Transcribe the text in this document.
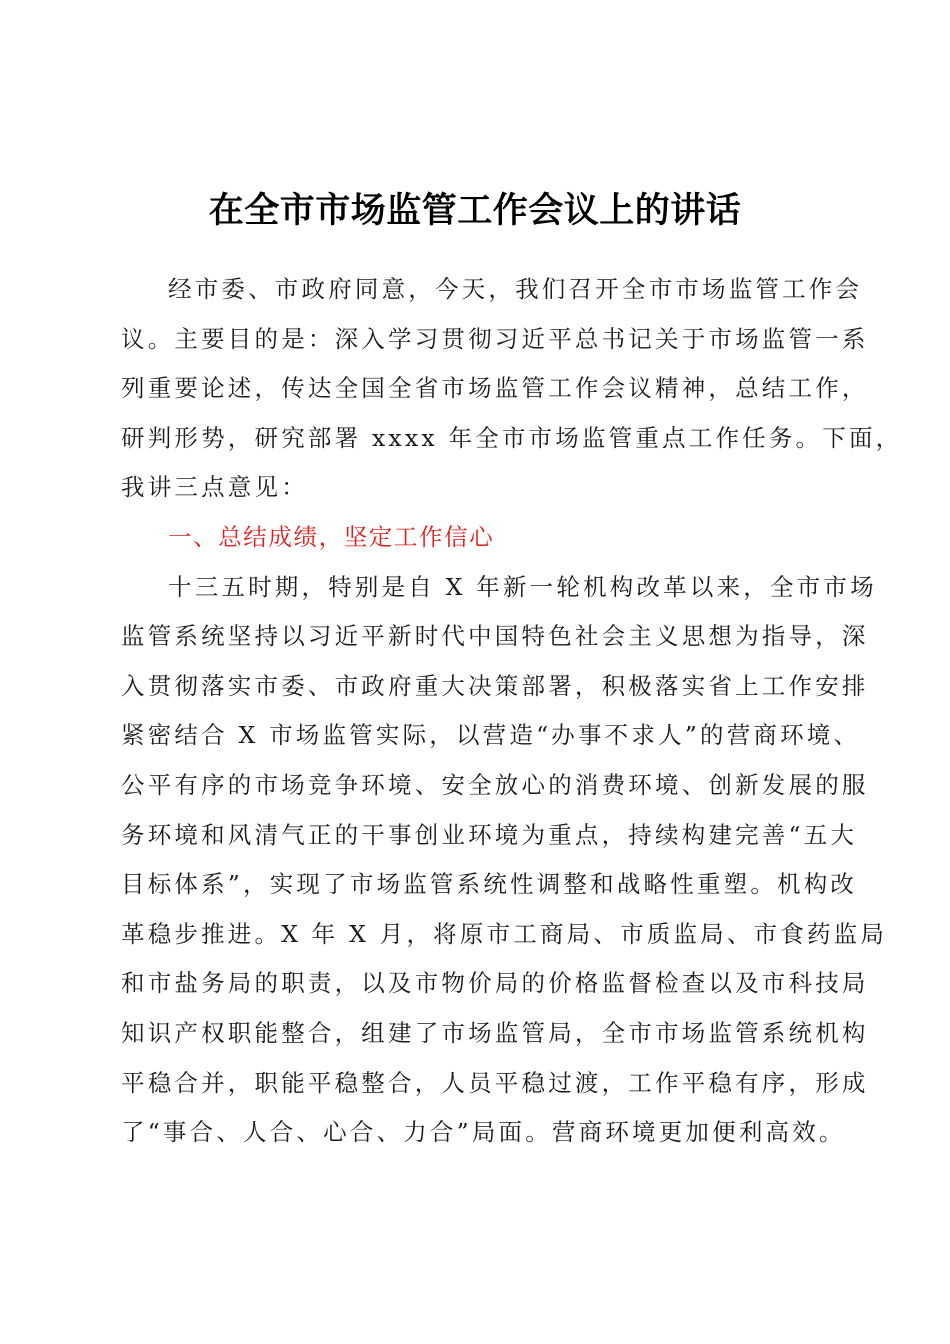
在全市市场监管工作会议上的讲话

经市委、市政府同意，今天，我们召开全市市场监管工作会
议。主要目的是：深入学习贯彻习近平总书记关于市场监管一系
列重要论述，传达全国全省市场监管工作会议精神，总结工作，
研判形势，研究部署 xxxx 年全市市场监管重点工作任务。下面，
我讲三点意见：

一、总结成绩，坚定工作信心

十三五时期，特别是自 X 年新一轮机构改革以来，全市市场
监管系统坚持以习近平新时代中国特色社会主义思想为指导，深
入贯彻落实市委、市政府重大决策部署，积极落实省上工作安排
紧密结合 X 市场监管实际，以营造“办事不求人”的营商环境、
公平有序的市场竞争环境、安全放心的消费环境、创新发展的服
务环境和风清气正的干事创业环境为重点，持续构建完善“五大
目标体系”，实现了市场监管系统性调整和战略性重塑。机构改
革稳步推进。X 年 X 月，将原市工商局、市质监局、市食药监局
和市盐务局的职责，以及市物价局的价格监督检查以及市科技局
知识产权职能整合，组建了市场监管局，全市市场监管系统机构
平稳合并，职能平稳整合，人员平稳过渡，工作平稳有序，形成
了“事合、人合、心合、力合”局面。营商环境更加便利高效。
